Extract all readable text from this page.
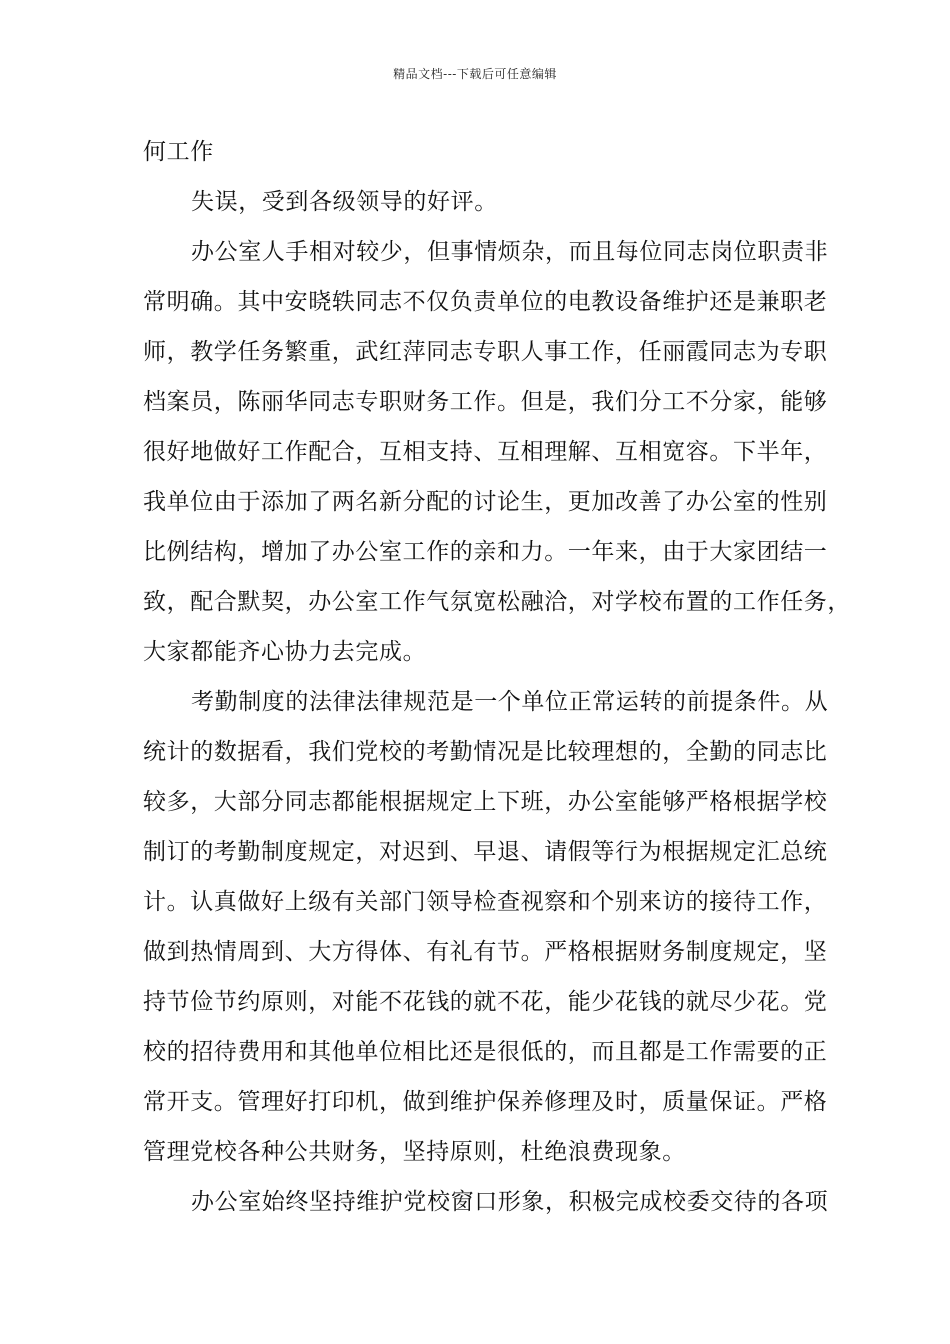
精品文档---下载后可任意编辑
何工作
失误，受到各级领导的好评。
办公室人手相对较少，但事情烦杂，而且每位同志岗位职责非
常明确。其中安晓轶同志不仅负责单位的电教设备维护还是兼职老
师，教学任务繁重，武红萍同志专职人事工作，任丽霞同志为专职
档案员，陈丽华同志专职财务工作。但是，我们分工不分家，能够
很好地做好工作配合，互相支持、互相理解、互相宽容。下半年，
我单位由于添加了两名新分配的讨论生，更加改善了办公室的性别
比例结构，增加了办公室工作的亲和力。一年来，由于大家团结一
致，配合默契，办公室工作气氛宽松融洽，对学校布置的工作任务，
大家都能齐心协力去完成。
考勤制度的法律法律规范是一个单位正常运转的前提条件。从
统计的数据看，我们党校的考勤情况是比较理想的，全勤的同志比
较多，大部分同志都能根据规定上下班，办公室能够严格根据学校
制订的考勤制度规定，对迟到、早退、请假等行为根据规定汇总统
计。认真做好上级有关部门领导检查视察和个别来访的接待工作，
做到热情周到、大方得体、有礼有节。严格根据财务制度规定，坚
持节俭节约原则，对能不花钱的就不花，能少花钱的就尽少花。党
校的招待费用和其他单位相比还是很低的，而且都是工作需要的正
常开支。管理好打印机，做到维护保养修理及时，质量保证。严格
管理党校各种公共财务，坚持原则，杜绝浪费现象。
办公室始终坚持维护党校窗口形象，积极完成校委交待的各项
